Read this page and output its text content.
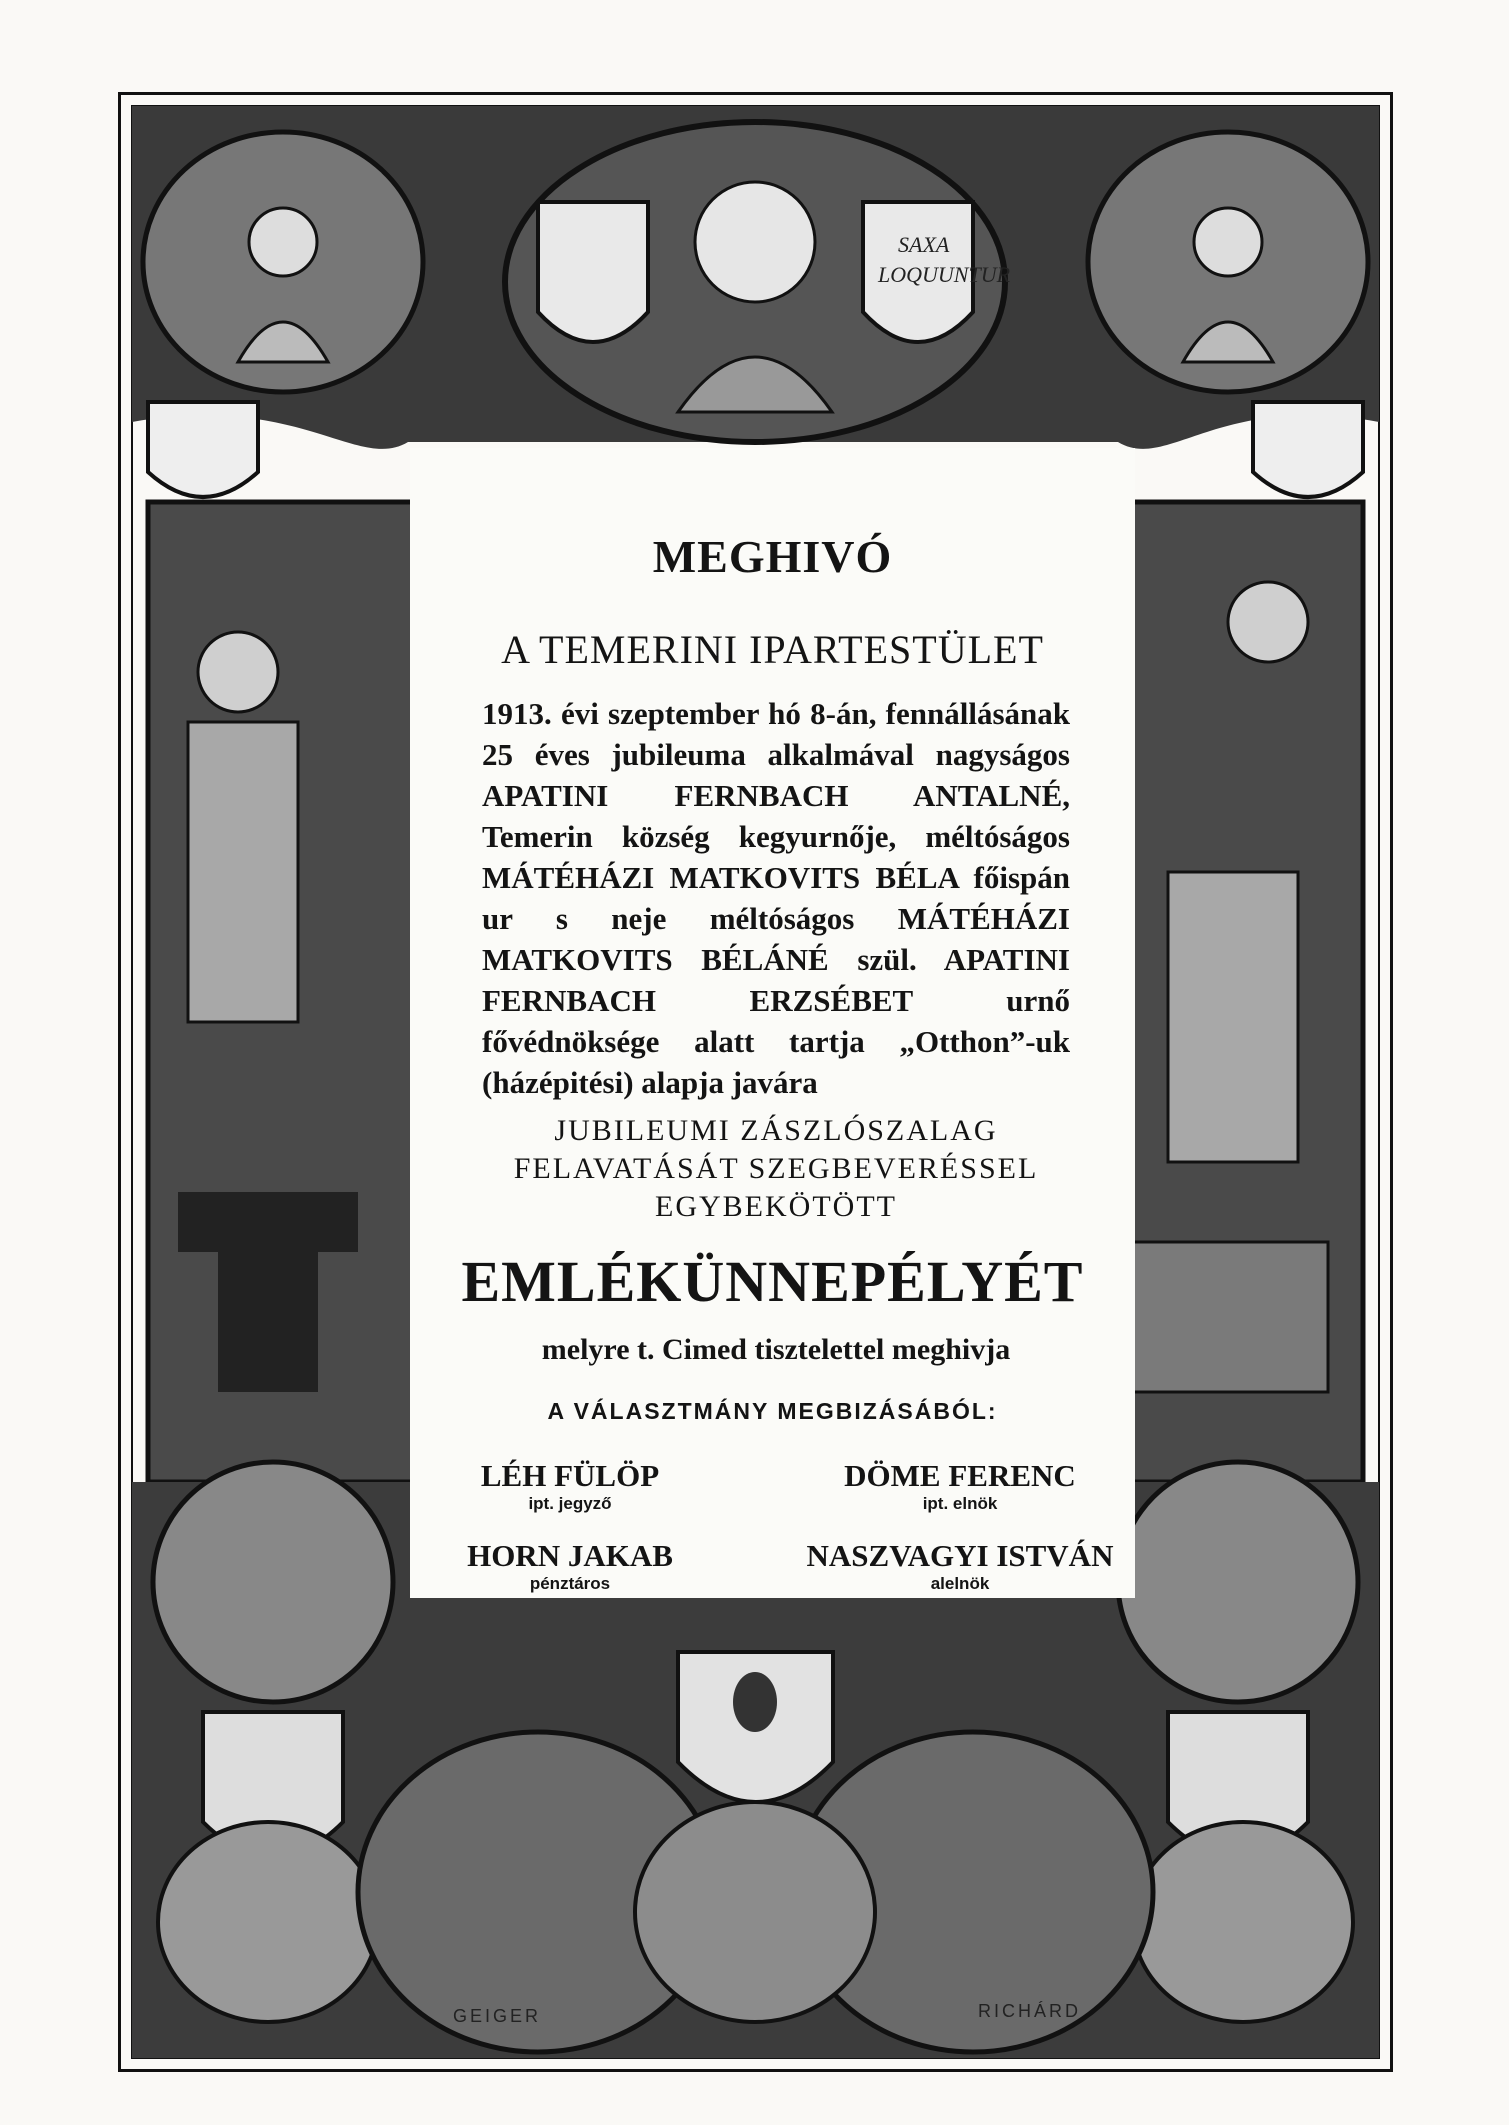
SAXA
LOQUUNTUR
GEIGER	RICHÁRD
MEGHIVÓ
A TEMERINI IPARTESTÜLET
1913. évi szeptember hó 8-án, fennállásának 25 éves jubileuma alkalmával nagyságos APATINI FERNBACH ANTALNÉ, Temerin község kegyurnője, méltóságos MÁTÉHÁZI MATKOVITS BÉLA főispán ur s neje méltóságos MÁTÉHÁZI MATKOVITS BÉLÁNÉ szül. APATINI FERNBACH ERZSÉBET urnő fővédnöksége alatt tartja „Otthon”-uk (házépitési) alapja javára
JUBILEUMI ZÁSZLÓSZALAG FELAVATÁSÁT SZEGBEVERÉSSEL EGYBEKÖTÖTT
EMLÉKÜNNEPÉLYÉT
melyre t. Cimed tisztelettel meghivja
A VÁLASZTMÁNY MEGBIZÁSÁBÓL:
LÉH FÜLÖP
ipt. jegyző
DÖME FERENC
ipt. elnök
HORN JAKAB
pénztáros
NASZVAGYI ISTVÁN
alelnök
